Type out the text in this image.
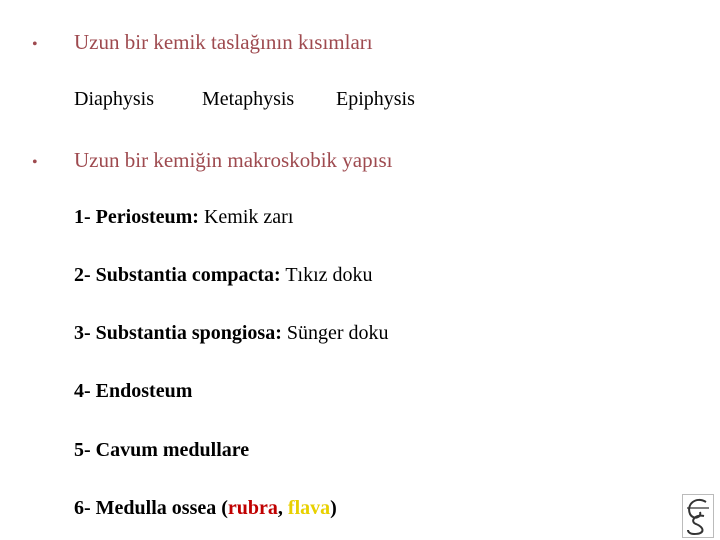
•	Uzun bir kemik taslağının kısımları
Diaphysis	Metaphysis	Epiphysis
•	Uzun bir kemiğin makroskobik yapısı
1- Periosteum: Kemik zarı
2- Substantia compacta: Tıkız doku
3- Substantia spongiosa: Sünger doku
4- Endosteum
5- Cavum medullare
6- Medulla ossea (rubra, flava)
